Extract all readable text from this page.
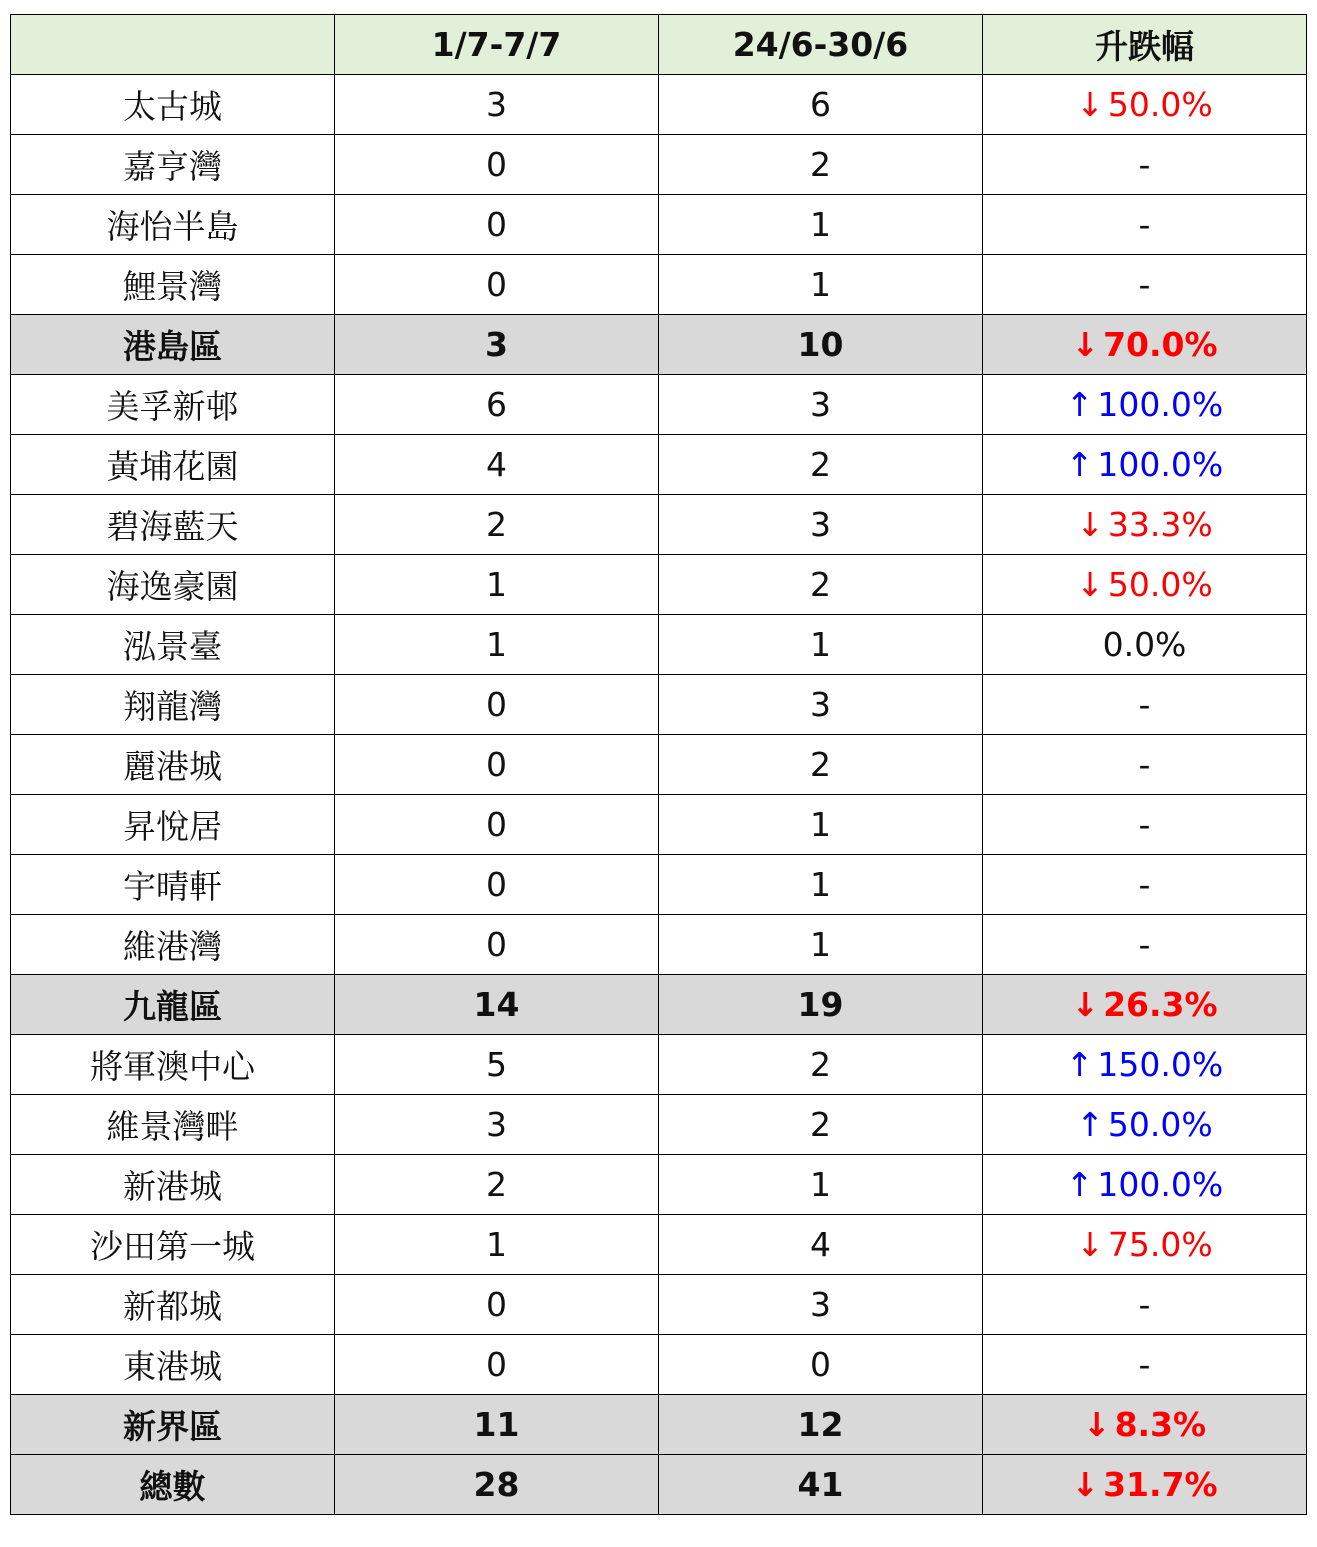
	1/7-7/7	24/6-30/6	升跌幅
太古城	3	6	↓ 50.0%
嘉亨灣	0	2	-
海怡半島	0	1	-
鯉景灣	0	1	-
港島區	3	10	↓ 70.0%
美孚新邨	6	3	↑ 100.0%
黃埔花園	4	2	↑ 100.0%
碧海藍天	2	3	↓ 33.3%
海逸豪園	1	2	↓ 50.0%
泓景臺	1	1	0.0%
翔龍灣	0	3	-
麗港城	0	2	-
昇悅居	0	1	-
宇晴軒	0	1	-
維港灣	0	1	-
九龍區	14	19	↓ 26.3%
將軍澳中心	5	2	↑ 150.0%
維景灣畔	3	2	↑ 50.0%
新港城	2	1	↑ 100.0%
沙田第一城	1	4	↓ 75.0%
新都城	0	3	-
東港城	0	0	-
新界區	11	12	↓ 8.3%
總數	28	41	↓ 31.7%
